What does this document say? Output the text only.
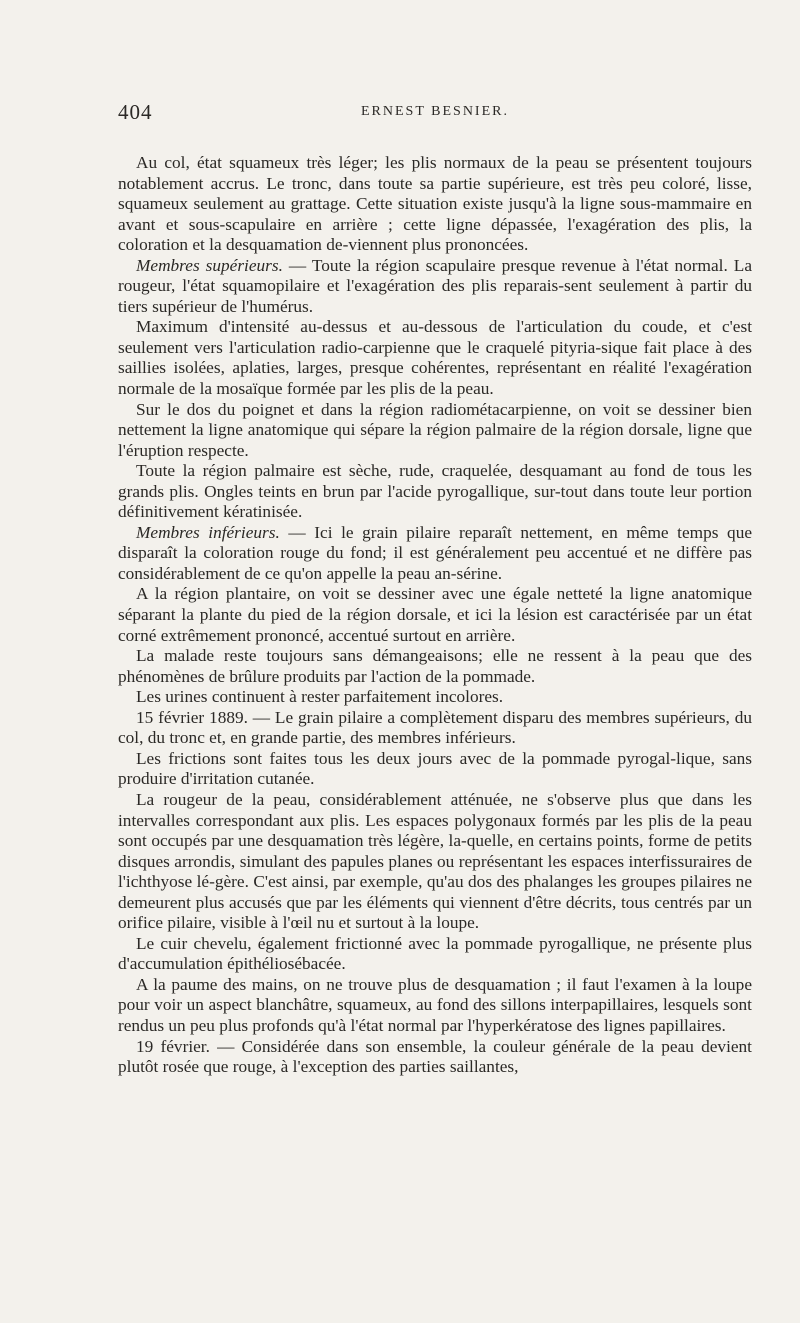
404	ERNEST BESNIER.

Au col, état squameux très léger; les plis normaux de la peau se présentent toujours notablement accrus. Le tronc, dans toute sa partie supérieure, est très peu coloré, lisse, squameux seulement au grattage. Cette situation existe jusqu'à la ligne sous-mammaire en avant et sous-scapulaire en arrière ; cette ligne dépassée, l'exagération des plis, la coloration et la desquamation de-viennent plus prononcées.

Membres supérieurs. — Toute la région scapulaire presque revenue à l'état normal. La rougeur, l'état squamopilaire et l'exagération des plis reparais-sent seulement à partir du tiers supérieur de l'humérus.

Maximum d'intensité au-dessus et au-dessous de l'articulation du coude, et c'est seulement vers l'articulation radio-carpienne que le craquelé pityria-sique fait place à des saillies isolées, aplaties, larges, presque cohérentes, représentant en réalité l'exagération normale de la mosaïque formée par les plis de la peau.

Sur le dos du poignet et dans la région radiométacarpienne, on voit se dessiner bien nettement la ligne anatomique qui sépare la région palmaire de la région dorsale, ligne que l'éruption respecte.

Toute la région palmaire est sèche, rude, craquelée, desquamant au fond de tous les grands plis. Ongles teints en brun par l'acide pyrogallique, sur-tout dans toute leur portion définitivement kératinisée.

Membres inférieurs. — Ici le grain pilaire reparaît nettement, en même temps que disparaît la coloration rouge du fond; il est généralement peu accentué et ne diffère pas considérablement de ce qu'on appelle la peau an-sérine.

A la région plantaire, on voit se dessiner avec une égale netteté la ligne anatomique séparant la plante du pied de la région dorsale, et ici la lésion est caractérisée par un état corné extrêmement prononcé, accentué surtout en arrière.

La malade reste toujours sans démangeaisons; elle ne ressent à la peau que des phénomènes de brûlure produits par l'action de la pommade.

Les urines continuent à rester parfaitement incolores.

15 février 1889. — Le grain pilaire a complètement disparu des membres supérieurs, du col, du tronc et, en grande partie, des membres inférieurs.

Les frictions sont faites tous les deux jours avec de la pommade pyrogal-lique, sans produire d'irritation cutanée.

La rougeur de la peau, considérablement atténuée, ne s'observe plus que dans les intervalles correspondant aux plis. Les espaces polygonaux formés par les plis de la peau sont occupés par une desquamation très légère, la-quelle, en certains points, forme de petits disques arrondis, simulant des papules planes ou représentant les espaces interfissuraires de l'ichthyose lé-gère. C'est ainsi, par exemple, qu'au dos des phalanges les groupes pilaires ne demeurent plus accusés que par les éléments qui viennent d'être décrits, tous centrés par un orifice pilaire, visible à l'œil nu et surtout à la loupe.

Le cuir chevelu, également frictionné avec la pommade pyrogallique, ne présente plus d'accumulation épithéliosébacée.

A la paume des mains, on ne trouve plus de desquamation ; il faut l'examen à la loupe pour voir un aspect blanchâtre, squameux, au fond des sillons interpapillaires, lesquels sont rendus un peu plus profonds qu'à l'état normal par l'hyperkératose des lignes papillaires.

19 février. — Considérée dans son ensemble, la couleur générale de la peau devient plutôt rosée que rouge, à l'exception des parties saillantes,
